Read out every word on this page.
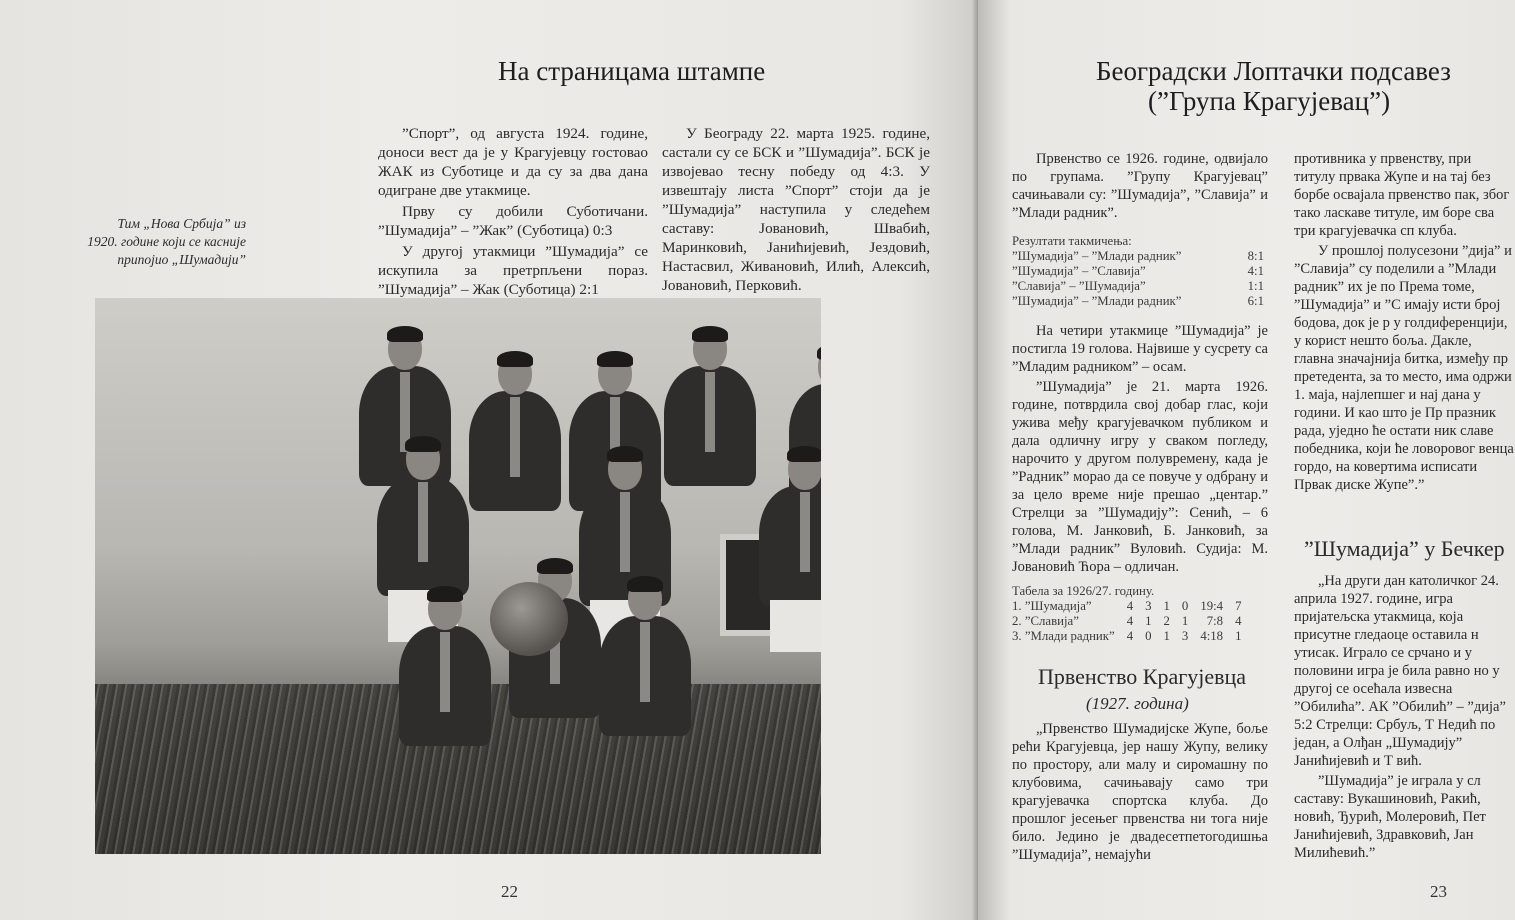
На страницама штампе

”Спорт”, од августа 1924. године, доноси вест да је у Крагујевцу гостовао ЖАК из Суботице и да су за два дана одигране две утакмице.

Прву су добили Суботичани. ”Шумадија” – ”Жак” (Суботица) 0:3

У другој утакмици ”Шумадија” се искупила за претрпљени пораз. ”Шумадија” – Жак (Суботица) 2:1

У Београду 22. марта 1925. године, састали су се БСК и ”Шумадија”. БСК је извојевао тесну победу од 4:3. У извештају листа ”Спорт” стоји да је ”Шумадија” наступила у следећем саставу: Јовановић, Швабић, Маринковић, Јанићијевић, Јездовић, Настасвил, Живановић, Илић, Алексић, Јовановић, Перковић.

Тим „Нова Србија” из 1920. године који се касније припојио „Шумадији”
22
Београдски Лоптачки подсавез
(”Група Крагујевац”)

Првенство се 1926. године, одвијало по групама. ”Групу Крагујевац” сачињавали су: ”Шумадија”, ”Славија” и ”Млади радник”.

Резултати такмичења:
”Шумадија” – ”Млади радник”	8:1
”Шумадија” – ”Славија”	4:1
”Славија” – ”Шумадија”	1:1
”Шумадија” – ”Млади радник”	6:1

На четири утакмице ”Шумадија” је постигла 19 голова. Највише у сусрету са ”Младим радником” – осам.

”Шумадија” је 21. марта 1926. године, потврдила свој добар глас, који ужива међу крагујевачком публиком и дала одличну игру у сваком погледу, нарочито у другом полувремену, када је ”Радник” морао да се повуче у одбрану и за цело време није прешао „центар.” Стрелци за ”Шумадију”: Сенић, – 6 голова, М. Јанковић, Б. Јанковић, за ”Млади радник” Вуловић. Судија: М. Јовановић Ћора – одличан.

Табела за 1926/27. годину.
1. ”Шумадија”	4	3	1	0	19:4	7
2. ”Славија”	4	1	2	1	7:8	4
3. ”Млади радник”	4	0	1	3	4:18	1
Првенство Крагујевца
(1927. година)

„Првенство Шумадијске Жупе, боље рећи Крагујевца, јер нашу Жупу, велику по простору, али малу и сиромашну по клубовима, сачињавају само три крагујевачка спортска клуба. До прошлог јесењег првенства ни тога није било. Једино је двадесетпетогодишњa ”Шумадија”, немајући

противника у првенству, при титулу првака Жупе и на тај без борбе освајала првенство пак, због тако ласкаве титуле, им боре сва три крагујевачка сп клуба.

У прошлој полусезони ”дија” и ”Славија” су поделили а ”Млади радник” их је по Према томе, ”Шумадија” и ”С имају исти број бодова, док је р у голдиференцији, у корист нешто боља. Дакле, главна значајнија битка, између пр претедента, за то место, има одржи 1. маја, најлепшег и нај дана у години. И као што је Пр празник рада, уједно ће остати ник славе победника, који ће ловоровог венца гордо, на ковертима исписати Првак дискe Жупе”.”

”Шумадија” у Бечкер

„На други дан католичког 24. априла 1927. године, игра пријатељска утакмица, која присутне гледаоце оставила н утисак. Играло се срчано и у половини игра је била равно но у другој се осећала извесна ”Обилића”. АК ”Обилић” – ”дија” 5:2 Стрелци: Србуљ, Т Недић по један, а Олђан „Шумадију” Јанићијевић и Т вић.

”Шумадија” је играла у сл саставу: Вукашиновић, Ракић, новић, Ђурић, Молеровић, Пет Јанићијевић, Здравковић, Јан Милићевић.”

23
